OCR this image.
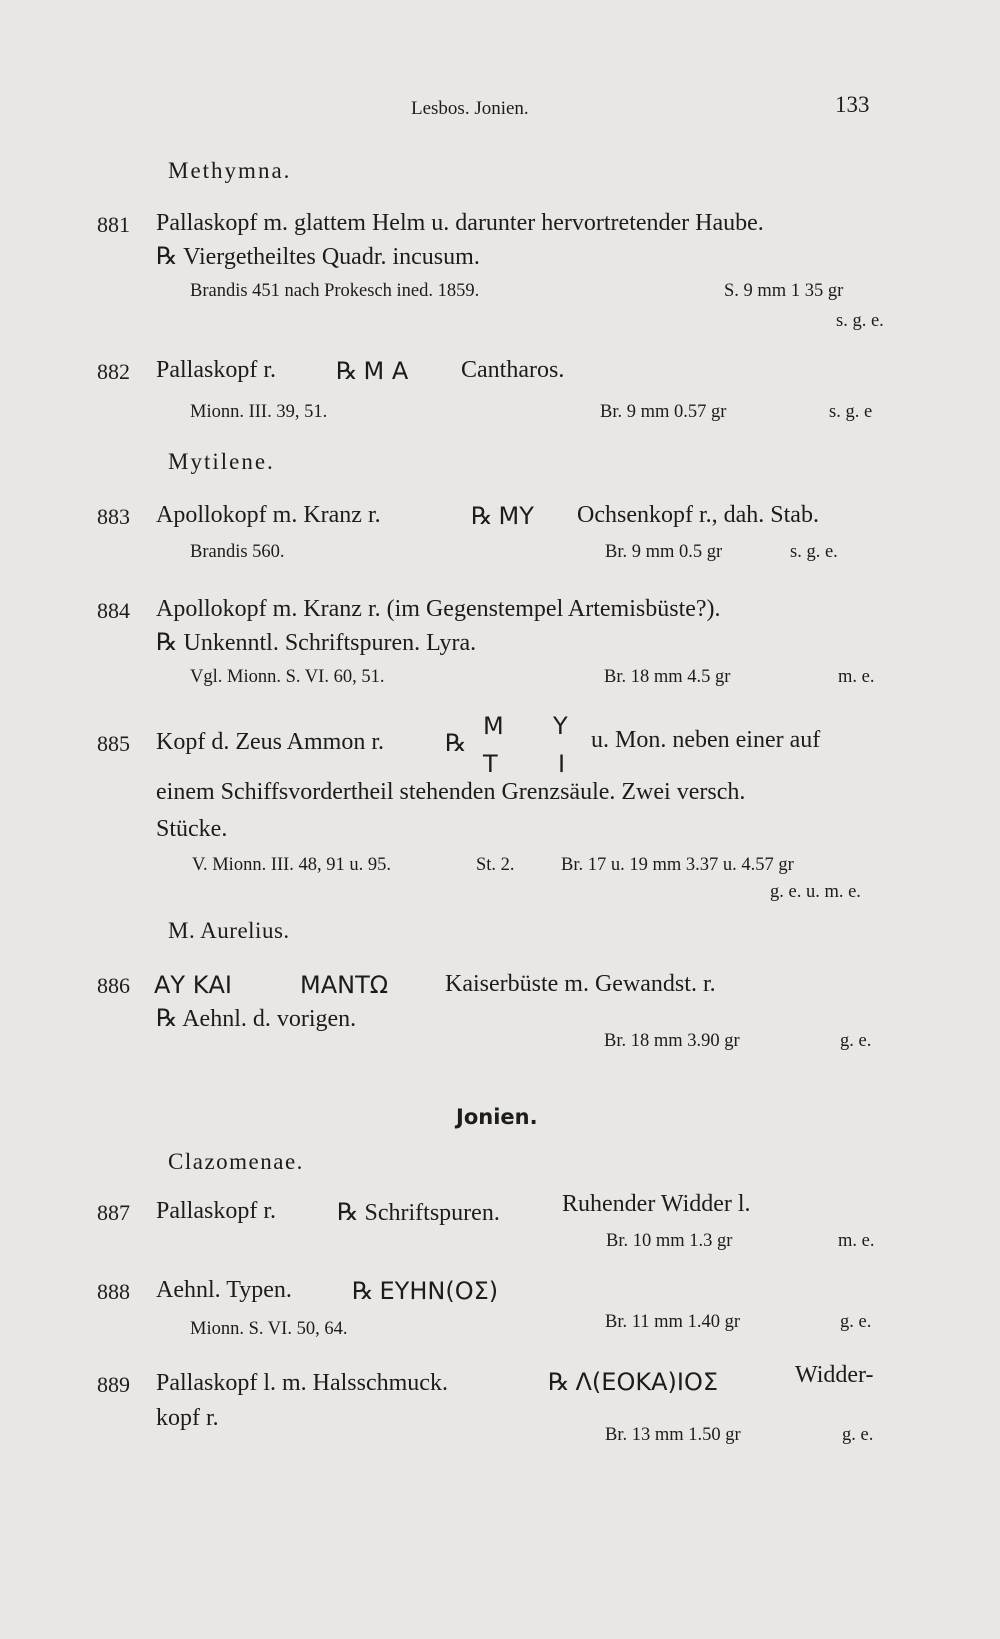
Lesbos. Jonien.	133
Methymna.
881 Pallaskopf m. glattem Helm u. darunter hervortretender Haube.
℞ Viergetheiltes Quadr. incusum.
Brandis 451 nach Prokesch ined. 1859.	S. 9 mm 1 35 gr
s. g. e.
882 Pallaskopf r.	℞ Μ Α Cantharos.
Mionn. III. 39, 51.	Br. 9 mm 0.57 gr	s. g. e
Mytilene.
883 Apollokopf m. Kranz r.	℞ ΜΥ Ochsenkopf r., dah. Stab.
Brandis 560.	Br. 9 mm 0.5 gr	s. g. e.
884 Apollokopf m. Kranz r. (im Gegenstempel Artemisbüste?).
℞ Unkenntl. Schriftspuren. Lyra.
Vgl. Mionn. S. VI. 60, 51.	Br. 18 mm 4.5 gr	m. e.
885 Kopf d. Zeus Ammon r.	℞
Μ Υ
Τ	Ι
u. Mon. neben einer auf
einem Schiffsvordertheil stehenden Grenzsäule. Zwei versch.
Stücke.
V. Mionn. III. 48, 91 u. 95.	St. 2.	Br. 17 u. 19 mm 3.37 u. 4.57 gr
g. e. u. m. e.
M. Aurelius.
886 ΑΥ ΚΑΙ	ΜΑΝΤΩ Kaiserbüste m. Gewandst. r.
℞ Aehnl. d. vorigen.
Br. 18 mm 3.90 gr	g. e.
Jonien.
Clazomenae.
887 Pallaskopf r.	℞ Schriftspuren.	Ruhender Widder l.
Br. 10 mm 1.3 gr	m. e.
888 Aehnl. Typen.	℞ ΕΥΗΝ(ΟΣ)
Mionn. S. VI. 50, 64.	Br. 11 mm 1.40 gr	g. e.
889 Pallaskopf l. m. Halsschmuck.	℞ Λ(ΕΟΚΑ)ΙΟΣ	Widder-
kopf r.
Br. 13 mm 1.50 gr	g. e.
